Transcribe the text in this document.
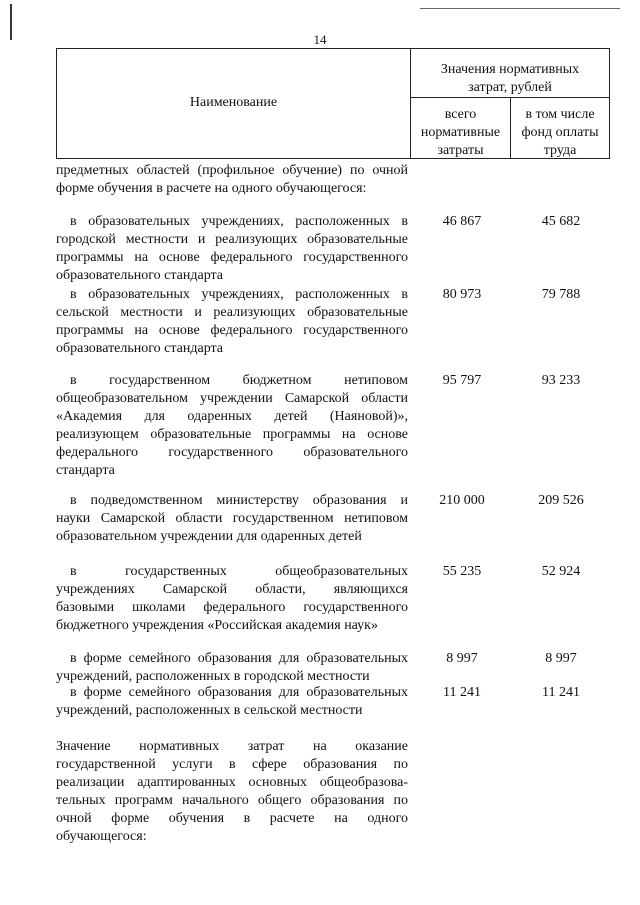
14
Наименование
Значения нормативных
затрат, рублей
всего
нормативные
затраты
в том числе
фонд оплаты
труда
предметных областей (профильное обучение) по очной
форме обучения в расчете на одного обучающегося:
в образовательных учреждениях, расположенных в
городской местности и реализующих образовательные
программы на основе федерального государственного
образовательного стандарта
46 867	45 682
в образовательных учреждениях, расположенных в
сельской местности и реализующих образовательные
программы на основе федерального государственного
образовательного стандарта
80 973	79 788
в государственном бюджетном нетиповом
общеобразовательном учреждении Самарской области
«Академия для одаренных детей (Наяновой)»,
реализующем образовательные программы на основе
федерального государственного образовательного
стандарта
95 797	93 233
в подведомственном министерству образования и
науки Самарской области государственном нетиповом
образовательном учреждении для одаренных детей
210 000	209 526
в государственных общеобразовательных
учреждениях Самарской области, являющихся
базовыми школами федерального государственного
бюджетного учреждения «Российская академия наук»
55 235	52 924
в форме семейного образования для образовательных
учреждений, расположенных в городской местности
8 997	8 997
в форме семейного образования для образовательных
учреждений, расположенных в сельской местности
11 241	11 241
Значение нормативных затрат на оказание
государственной услуги в сфере образования по
реализации адаптированных основных общеобразова-
тельных программ начального общего образования по
очной форме обучения в расчете на одного
обучающегося:
